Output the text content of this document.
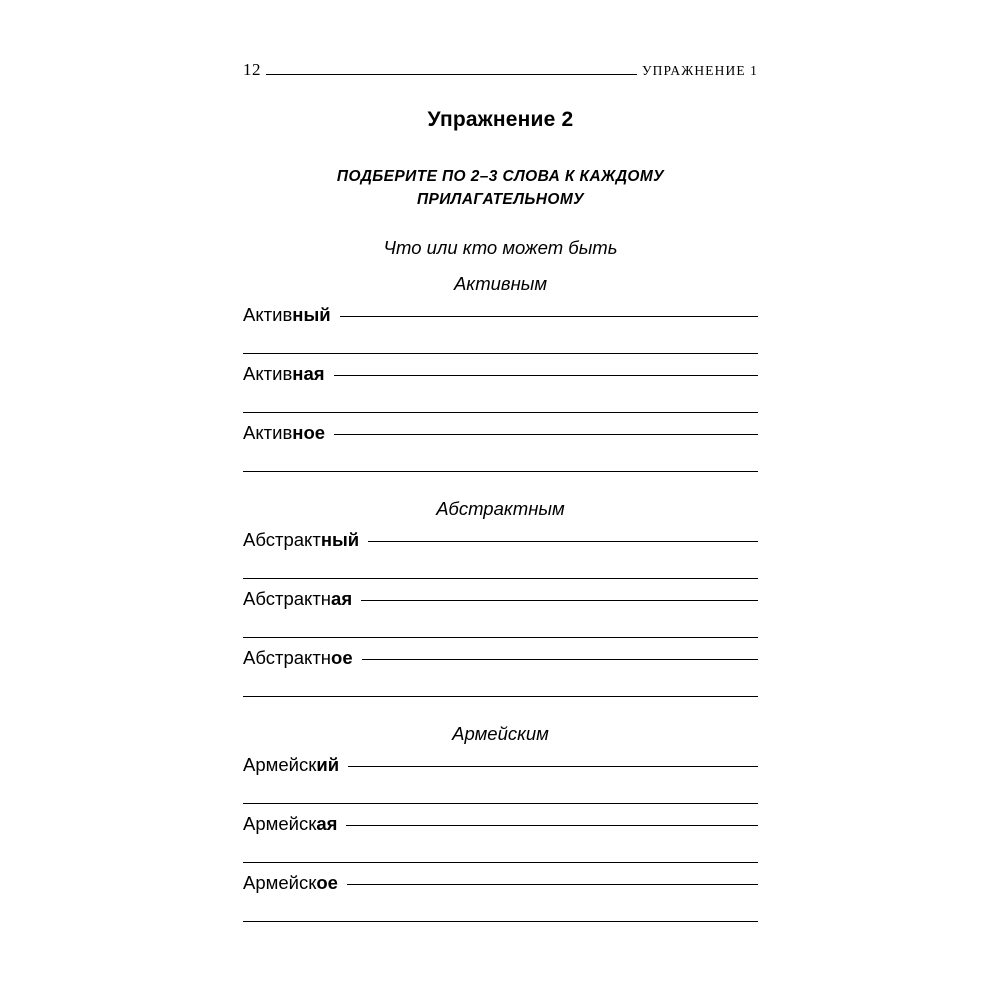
12	УПРАЖНЕНИЕ 1
Упражнение 2
ПОДБЕРИТЕ ПО 2–3 СЛОВА К КАЖДОМУ
ПРИЛАГАТЕЛЬНОМУ
Что или кто может быть
Активным
Активный
Активная
Активное
Абстрактным
Абстрактный
Абстрактная
Абстрактное
Армейским
Армейский
Армейская
Армейское
